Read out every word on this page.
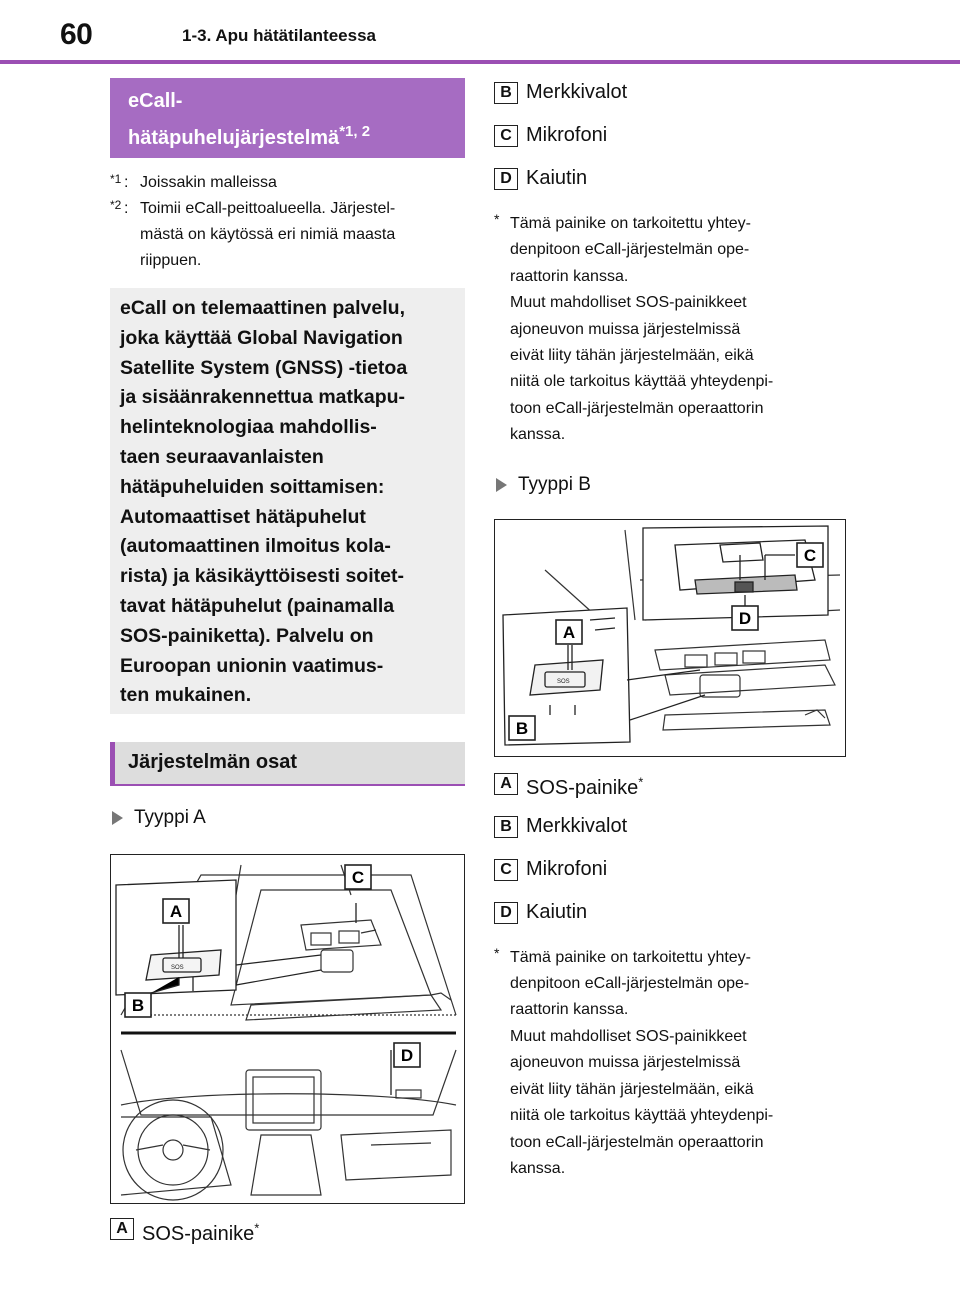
60	1-3. Apu hätätilanteessa
eCall-
hätäpuhelujärjestelmä$^{*1, 2}$
$^{*1}$ : Joissakin malleissa
$^{*2}$ : Toimii eCall-peittoalueella. Järjestel-
mästä on käytössä eri nimiä maasta
riippuen.

eCall on telemaattinen palvelu,
joka käyttää Global Navigation
Satellite System (GNSS) -tietoa
ja sisäänrakennettua matkapu-
helinteknologiaa mahdollis-
taen seuraavanlaisten
hätäpuheluiden soittamisen:
Automaattiset hätäpuhelut
(automaattinen ilmoitus kola-
rista) ja käsikäyttöisesti soitet-
tavat hätäpuhelut (painamalla
SOS-painiketta). Palvelu on
Euroopan unionin vaatimus-
ten mukainen.

Järjestelmän osat
Tyyppi A
SOS
A
B
C
D
A SOS-painike*
B Merkkivalot
C Mikrofoni
D Kaiutin
* Tämä painike on tarkoitettu yhtey-
denpitoon eCall-järjestelmän ope-
raattorin kanssa.
Muut mahdolliset SOS-painikkeet
ajoneuvon muissa järjestelmissä
eivät liity tähän järjestelmään, eikä
niitä ole tarkoitus käyttää yhteydenpi-
toon eCall-järjestelmän operaattorin
kanssa.

Tyyppi B
SOS
A
B
C
D
A SOS-painike*
B Merkkivalot
C Mikrofoni
D Kaiutin
* Tämä painike on tarkoitettu yhtey-
denpitoon eCall-järjestelmän ope-
raattorin kanssa.
Muut mahdolliset SOS-painikkeet
ajoneuvon muissa järjestelmissä
eivät liity tähän järjestelmään, eikä
niitä ole tarkoitus käyttää yhteydenpi-
toon eCall-järjestelmän operaattorin
kanssa.
